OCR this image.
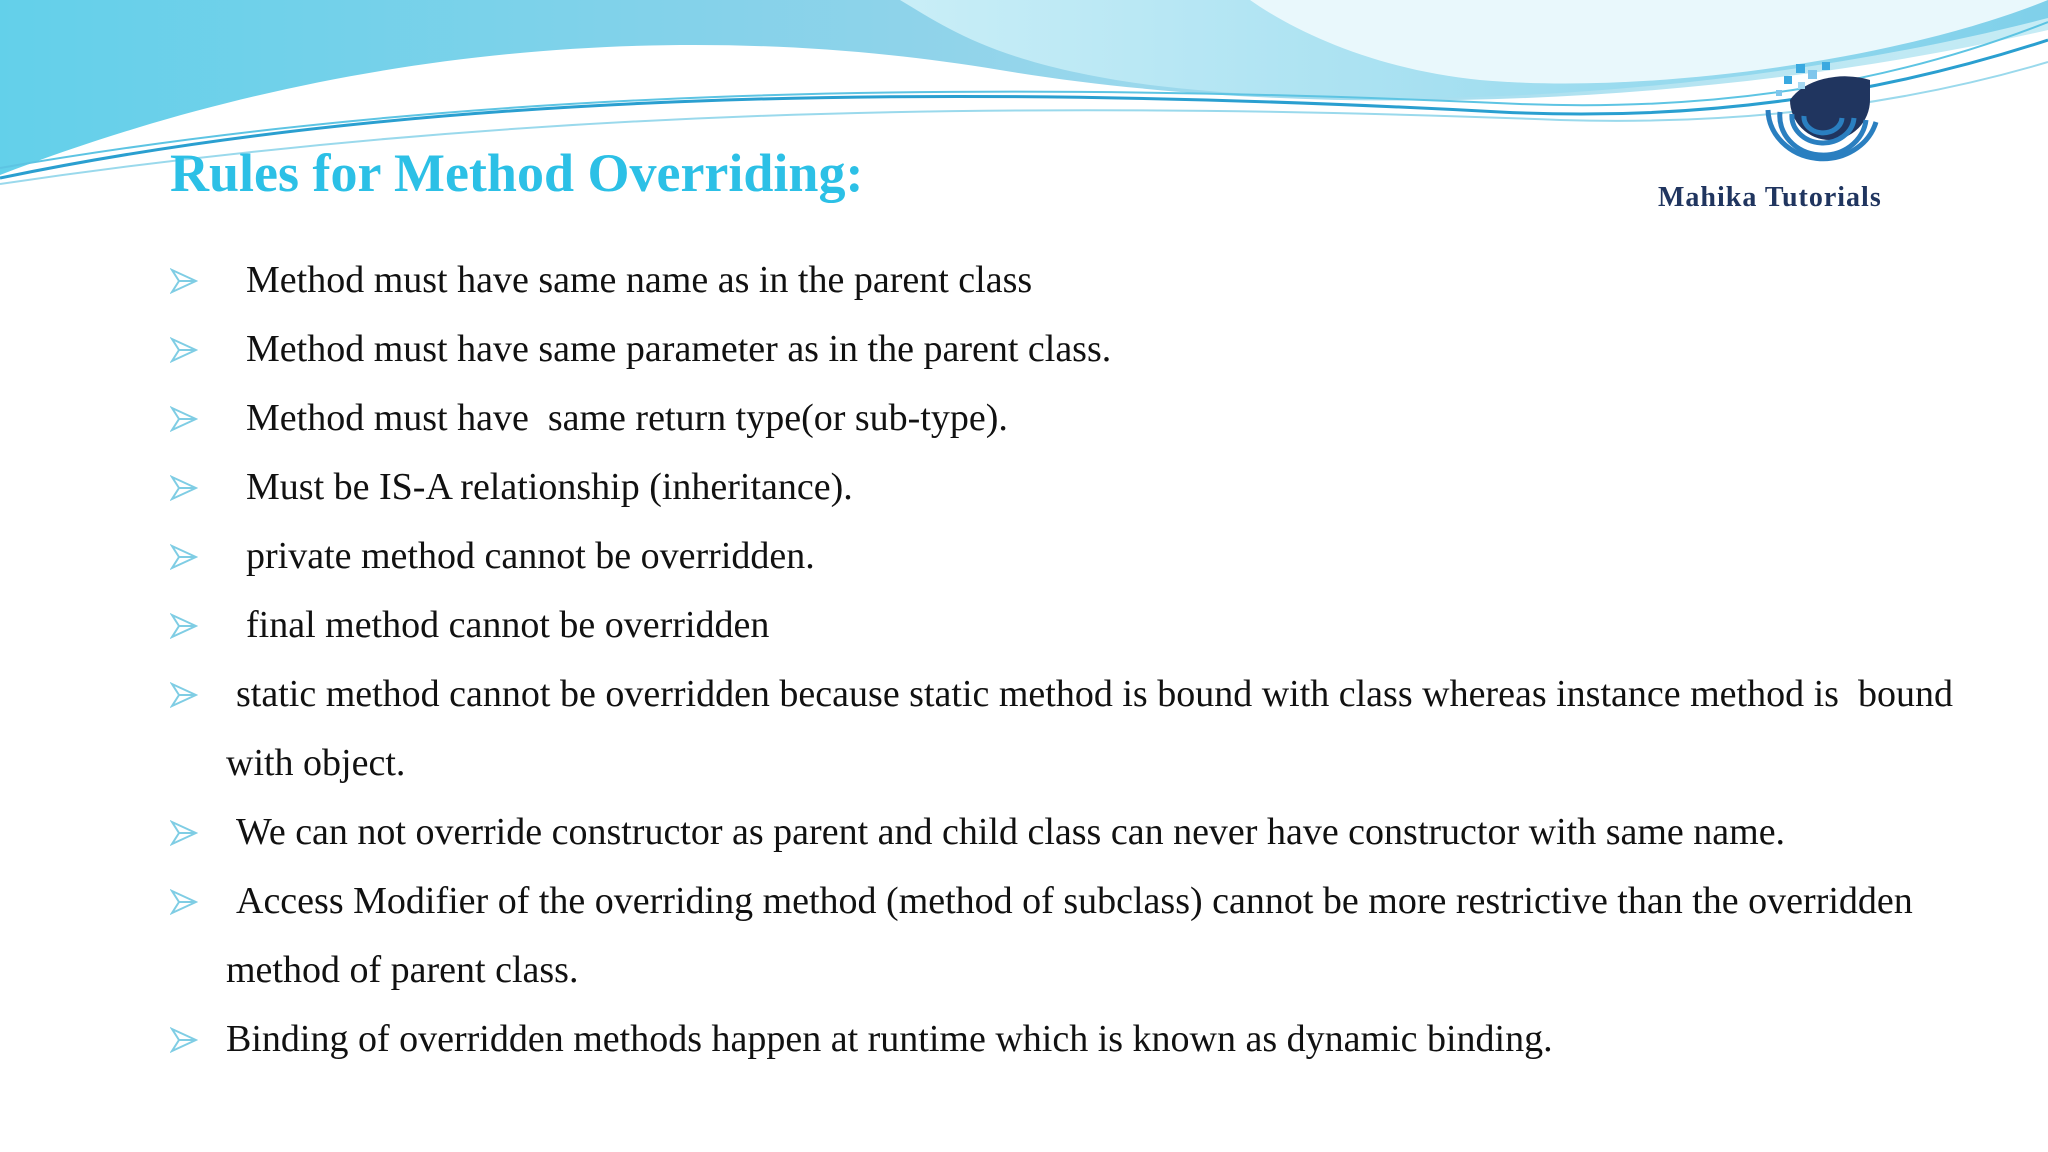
Rules for Method Overriding:	Mahika Tutorials
Method must have same name as in the parent class
Method must have same parameter as in the parent class.
Method must have  same return type(or sub-type).
Must be IS-A relationship (inheritance).
private method cannot be overridden.
final method cannot be overridden
static method cannot be overridden because static method is bound with class whereas instance method is  bound with object.
We can not override constructor as parent and child class can never have constructor with same name.
Access Modifier of the overriding method (method of subclass) cannot be more restrictive than the overridden method of parent class.
Binding of overridden methods happen at runtime which is known as dynamic binding.
